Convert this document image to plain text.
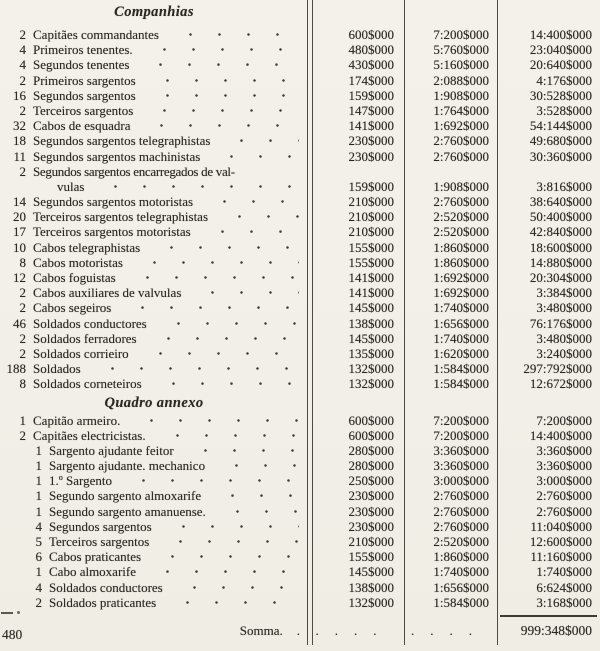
Companhias
2 Capitães commandantes	600$000	7:200$000	14:400$000
4 Primeiros tenentes.	480$000	5:760$000	23:040$000
4 Segundos tenentes	430$000	5:160$000	20:640$000
2 Primeiros sargentos	174$000	2:088$000	4:176$000
16 Segundos sargentos	159$000	1:908$000	30:528$000
2 Terceiros sargentos	147$000	1:764$000	3:528$000
32 Cabos de esquadra	141$000	1:692$000	54:144$000
18 Segundos sargentos telegraphistas	230$000	2:760$000	49:680$000
11 Segundos sargentos machinistas	230$000	2:760$000	30:360$000
2 Segundos sargentos encarregados de val-
vulas	159$000	1:908$000	3:816$000
14 Segundos sargentos motoristas	210$000	2:760$000	38:640$000
20 Terceiros sargentos telegraphistas	210$000	2:520$000	50:400$000
17 Terceiros sargentos motoristas	210$000	2:520$000	42:840$000
10 Cabos telegraphistas	155$000	1:860$000	18:600$000
8 Cabos motoristas	155$000	1:860$000	14:880$000
12 Cabos foguistas	141$000	1:692$000	20:304$000
2 Cabos auxiliares de valvulas	141$000	1:692$000	3:384$000
2 Cabos segeiros	145$000	1:740$000	3:480$000
46 Soldados conductores	138$000	1:656$000	76:176$000
2 Soldados ferradores	145$000	1:740$000	3:480$000
2 Soldados corrieiro	135$000	1:620$000	3:240$000
188 Soldados	132$000	1:584$000	297:792$000
8 Soldados corneteiros	132$000	1:584$000	12:672$000
Quadro annexo
1 Capitão armeiro.	600$000	7:200$000	7:200$000
2 Capitães electricistas.	600$000	7:200$000	14:400$000
1 Sargento ajudante feitor	280$000	3:360$000	3:360$000
1 Sargento ajudante. mechanico	280$000	3:360$000	3:360$000
1 1.º Sargento	250$000	3:000$000	3:000$000
1 Segundo sargento almoxarife	230$000	2:760$000	2:760$000
1 Segundo sargento amanuense.	230$000	2:760$000	2:760$000
4 Segundos sargentos	230$000	2:760$000	11:040$000
5 Terceiros sargentos	210$000	2:520$000	12:600$000
6 Cabos praticantes	155$000	1:860$000	11:160$000
1 Cabo almoxarife	145$000	1:740$000	1:740$000
4 Soldados conductores	138$000	1:656$000	6:624$000
2 Soldados praticantes	132$000	1:584$000	3:168$000
Somma. .	....	....	999:348$000
480
